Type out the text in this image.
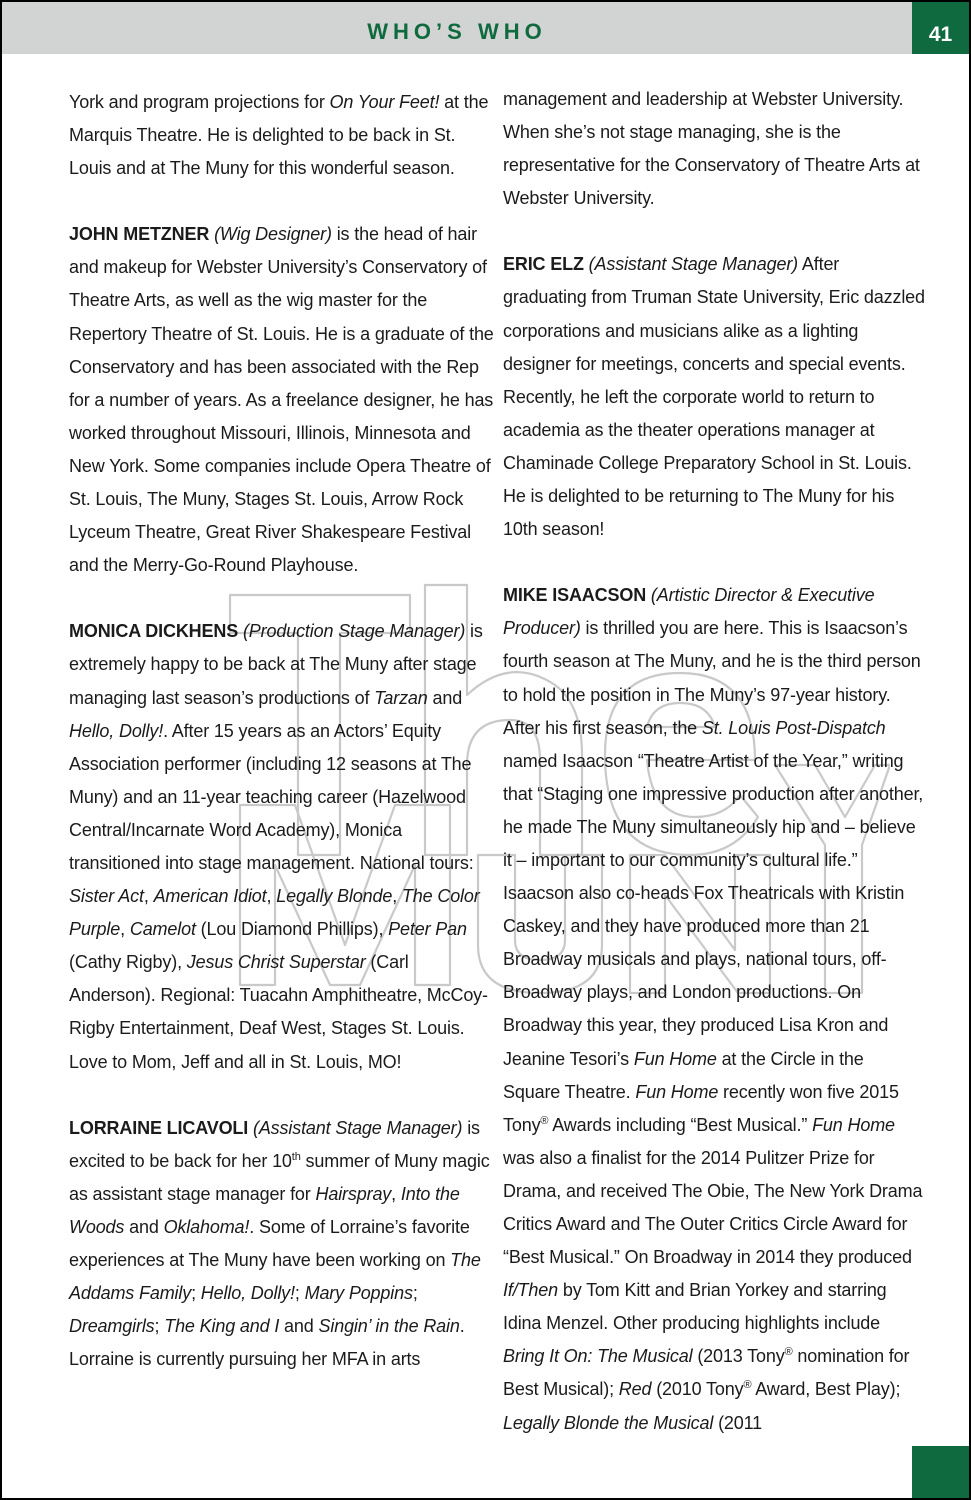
WHO’S WHO	41

York and program projections for On Your Feet! at the Marquis Theatre. He is delighted to be back in St. Louis and at The Muny for this wonderful season.

JOHN METZNER (Wig Designer) is the head of hair and makeup for Webster University’s Conservatory of Theatre Arts, as well as the wig master for the Repertory Theatre of St. Louis. He is a graduate of the Conservatory and has been associated with the Rep for a number of years. As a freelance designer, he has worked throughout Missouri, Illinois, Minnesota and New York. Some companies include Opera Theatre of St. Louis, The Muny, Stages St. Louis, Arrow Rock Lyceum Theatre, Great River Shakespeare Festival and the Merry-Go-Round Playhouse.

MONICA DICKHENS (Production Stage Manager) is extremely happy to be back at The Muny after stage managing last season’s productions of Tarzan and Hello, Dolly!. After 15 years as an Actors’ Equity Association performer (including 12 seasons at The Muny) and an 11-year teaching career (Hazelwood Central/Incarnate Word Academy), Monica transitioned into stage management. National tours: Sister Act, American Idiot, Legally Blonde, The Color Purple, Camelot (Lou Diamond Phillips), Peter Pan (Cathy Rigby), Jesus Christ Superstar (Carl Anderson). Regional: Tuacahn Amphitheatre, McCoy-Rigby Entertainment, Deaf West, Stages St. Louis. Love to Mom, Jeff and all in St. Louis, MO!

LORRAINE LICAVOLI (Assistant Stage Manager) is excited to be back for her 10th summer of Muny magic as assistant stage manager for Hairspray, Into the Woods and Oklahoma!. Some of Lorraine’s favorite experiences at The Muny have been working on The Addams Family; Hello, Dolly!; Mary Poppins; Dreamgirls; The King and I and Singin’ in the Rain. Lorraine is currently pursuing her MFA in arts

management and leadership at Webster University. When she’s not stage managing, she is the representative for the Conservatory of Theatre Arts at Webster University.

ERIC ELZ (Assistant Stage Manager) After graduating from Truman State University, Eric dazzled corporations and musicians alike as a lighting designer for meetings, concerts and special events. Recently, he left the corporate world to return to academia as the theater operations manager at Chaminade College Preparatory School in St. Louis. He is delighted to be returning to The Muny for his 10th season!

MIKE ISAACSON (Artistic Director & Executive Producer) is thrilled you are here. This is Isaacson’s fourth season at The Muny, and he is the third person to hold the position in The Muny’s 97-year history. After his first season, the St. Louis Post-Dispatch named Isaacson “Theatre Artist of the Year,” writing that “Staging one impressive production after another, he made The Muny simultaneously hip and – believe it – important to our community’s cultural life.” Isaacson also co-heads Fox Theatricals with Kristin Caskey, and they have produced more than 21 Broadway musicals and plays, national tours, off-Broadway plays, and London productions. On Broadway this year, they produced Lisa Kron and Jeanine Tesori’s Fun Home at the Circle in the Square Theatre. Fun Home recently won five 2015 Tony® Awards including “Best Musical.” Fun Home was also a finalist for the 2014 Pulitzer Prize for Drama, and received The Obie, The New York Drama Critics Award and The Outer Critics Circle Award for “Best Musical.” On Broadway in 2014 they produced If/Then by Tom Kitt and Brian Yorkey and starring Idina Menzel. Other producing highlights include Bring It On: The Musical (2013 Tony® nomination for Best Musical); Red (2010 Tony® Award, Best Play); Legally Blonde the Musical (2011
